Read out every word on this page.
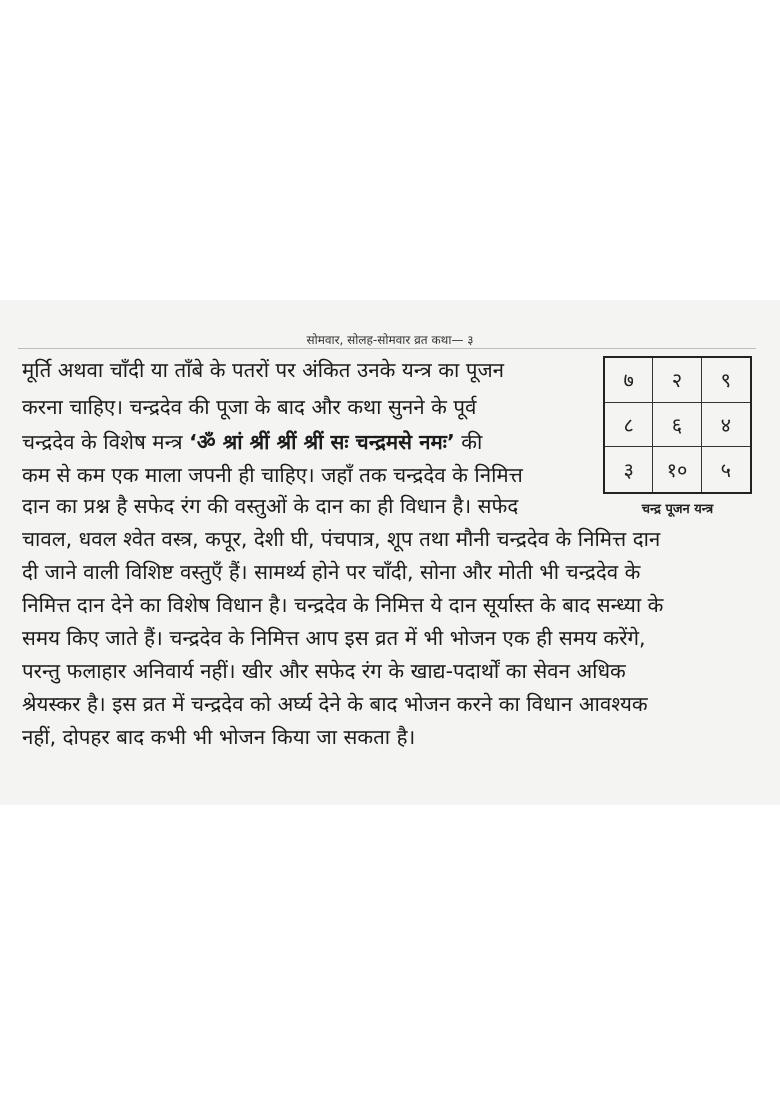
सोमवार, सोलह-सोमवार व्रत कथा— ३
मूर्ति अथवा चाँदी या ताँबे के पतरों पर अंकित उनके यन्त्र का पूजन
करना चाहिए। चन्द्रदेव की पूजा के बाद और कथा सुनने के पूर्व
चन्द्रदेव के विशेष मन्त्र ‘ॐ श्रां श्रीं श्रीं श्रीं सः चन्द्रमसे नमः’ की
कम से कम एक माला जपनी ही चाहिए। जहाँ तक चन्द्रदेव के निमित्त
दान का प्रश्न है सफेद रंग की वस्तुओं के दान का ही विधान है। सफेद
चावल, धवल श्वेत वस्त्र, कपूर, देशी घी, पंचपात्र, शूप तथा मौनी चन्द्रदेव के निमित्त दान
दी जाने वाली विशिष्ट वस्तुएँ हैं। सामर्थ्य होने पर चाँदी, सोना और मोती भी चन्द्रदेव के
निमित्त दान देने का विशेष विधान है। चन्द्रदेव के निमित्त ये दान सूर्यास्त के बाद सन्ध्या के
समय किए जाते हैं। चन्द्रदेव के निमित्त आप इस व्रत में भी भोजन एक ही समय करेंगे,
परन्तु फलाहार अनिवार्य नहीं। खीर और सफेद रंग के खाद्य-पदार्थों का सेवन अधिक
श्रेयस्कर है। इस व्रत में चन्द्रदेव को अर्घ्य देने के बाद भोजन करने का विधान आवश्यक
नहीं, दोपहर बाद कभी भी भोजन किया जा सकता है।
७	२	९
८	६	४
३	१०	५
चन्द्र पूजन यन्त्र
